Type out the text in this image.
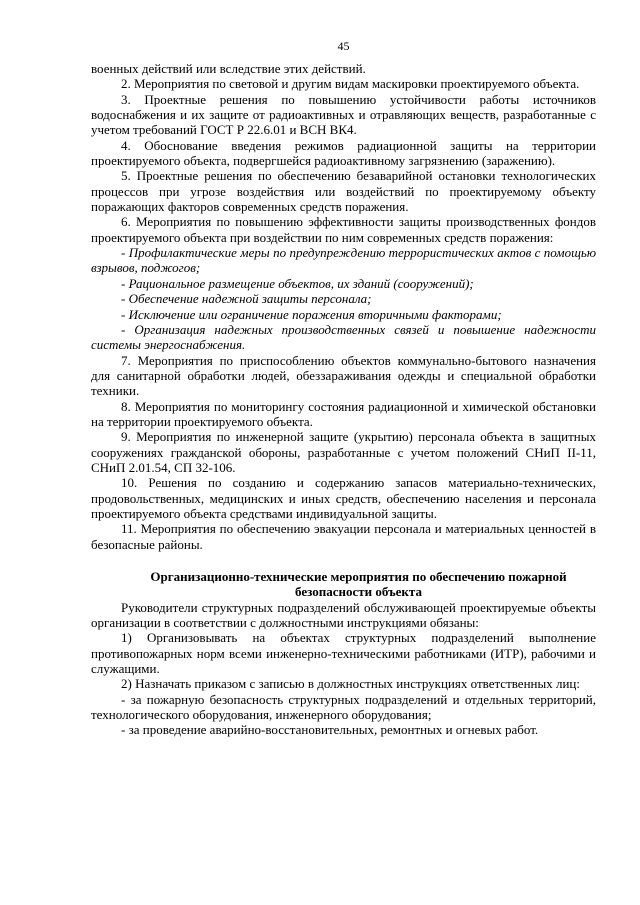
45

военных действий или вследствие этих действий.

2. Мероприятия по световой и другим видам маскировки проектируемого объекта.

3. Проектные решения по повышению устойчивости работы источников водоснабжения и их защите от радиоактивных и отравляющих веществ, разработанные с учетом требований ГОСТ Р 22.6.01 и ВСН ВК4.

4. Обоснование введения режимов радиационной защиты на территории проектируемого объекта, подвергшейся радиоактивному загрязнению (заражению).

5. Проектные решения по обеспечению безаварийной остановки технологических процессов при угрозе воздействия или воздействий по проектируемому объекту поражающих факторов современных средств поражения.

6. Мероприятия по повышению эффективности защиты производственных фондов проектируемого объекта при воздействии по ним современных средств поражения:

- Профилактические меры по предупреждению террористических актов с помощью взрывов, поджогов;

- Рациональное размещение объектов, их зданий (сооружений);

- Обеспечение надежной защиты персонала;

- Исключение или ограничение поражения вторичными факторами;

- Организация надежных производственных связей и повышение надежности системы энергоснабжения.

7. Мероприятия по приспособлению объектов коммунально-бытового назначения для санитарной обработки людей, обеззараживания одежды и специальной обработки техники.

8. Мероприятия по мониторингу состояния радиационной и химической обстановки на территории проектируемого объекта.

9. Мероприятия по инженерной защите (укрытию) персонала объекта в защитных сооружениях гражданской обороны, разработанные с учетом положений СНиП II-11, СНиП 2.01.54, СП 32-106.

10. Решения по созданию и содержанию запасов материально-технических, продовольственных, медицинских и иных средств, обеспечению населения и персонала проектируемого объекта средствами индивидуальной защиты.

11. Мероприятия по обеспечению эвакуации персонала и материальных ценностей в безопасные районы.

Организационно-технические мероприятия по обеспечению пожарной безопасности объекта

Руководители структурных подразделений обслуживающей проектируемые объекты организации в соответствии с должностными инструкциями обязаны:

1) Организовывать на объектах структурных подразделений выполнение противопожарных норм всеми инженерно-техническими работниками (ИТР), рабочими и служащими.

2) Назначать приказом с записью в должностных инструкциях ответственных лиц:

- за пожарную безопасность структурных подразделений и отдельных территорий, технологического оборудования, инженерного оборудования;

- за проведение аварийно-восстановительных, ремонтных и огневых работ.
